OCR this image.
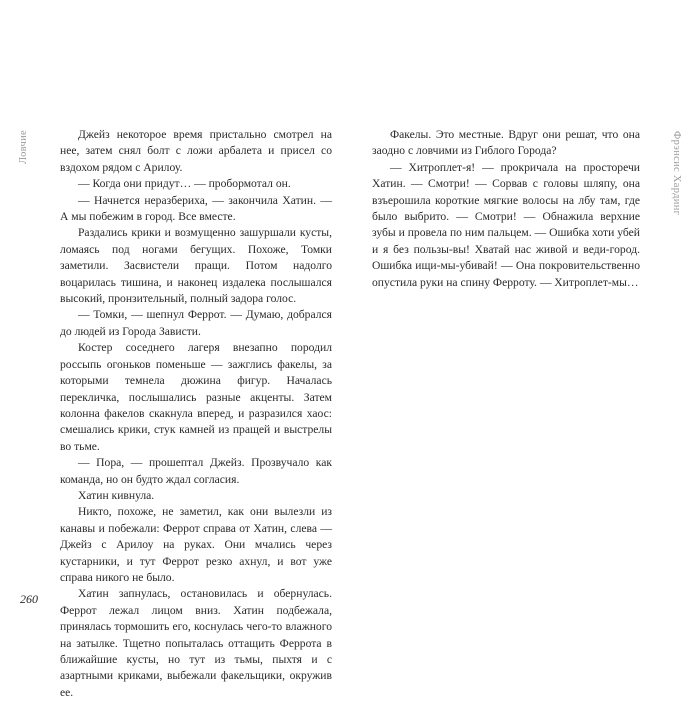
Ловчие	Фрэнсис Хардинг

Джейз некоторое время пристально смотрел на нее, затем снял болт с ложи арбалета и присел со вздохом рядом с Арилоу.

— Когда они придут… — пробормотал он.

— Начнется неразбериха, — закончила Хатин. — А мы побежим в город. Все вместе.

Раздались крики и возмущенно зашуршали кусты, ломаясь под ногами бегущих. Похоже, Томки заметили. Засвистели пращи. Потом надолго воцарилась тишина, и наконец издалека послышался высокий, пронзительный, полный задора голос.

— Томки, — шепнул Феррот. — Думаю, добрался до людей из Города Зависти.

Костер соседнего лагеря внезапно породил россыпь огоньков поменьше — зажглись факелы, за которыми темнела дюжина фигур. Началась перекличка, послышались разные акценты. Затем колонна факелов скакнула вперед, и разразился хаос: смешались крики, стук камней из пращей и выстрелы во тьме.

— Пора, — прошептал Джейз. Прозвучало как команда, но он будто ждал согласия.

Хатин кивнула.

Никто, похоже, не заметил, как они вылезли из канавы и побежали: Феррот справа от Хатин, слева — Джейз с Арилоу на руках. Они мчались через кустарники, и тут Феррот резко ахнул, и вот уже справа никого не было.

Хатин запнулась, остановилась и обернулась. Феррот лежал лицом вниз. Хатин подбежала, принялась тормошить его, коснулась чего-то влажного на затылке. Тщетно попыталась оттащить Феррота в ближайшие кусты, но тут из тьмы, пыхтя и с азартными криками, выбежали факельщики, окружив ее.

Факелы. Это местные. Вдруг они решат, что она заодно с ловчими из Гиблого Города?

— Хитроплет-я! — прокричала на просторечи Хатин. — Смотри! — Сорвав с головы шляпу, она взъерошила короткие мягкие волосы на лбу там, где было выбрито. — Смотри! — Обнажила верхние зубы и провела по ним пальцем. — Ошибка хоти убей и я без пользы-вы! Хватай нас живой и веди-город. Ошибка ищи-мы-убивай! — Она покровительственно опустила руки на спину Ферроту. — Хитроплет-мы…

260
